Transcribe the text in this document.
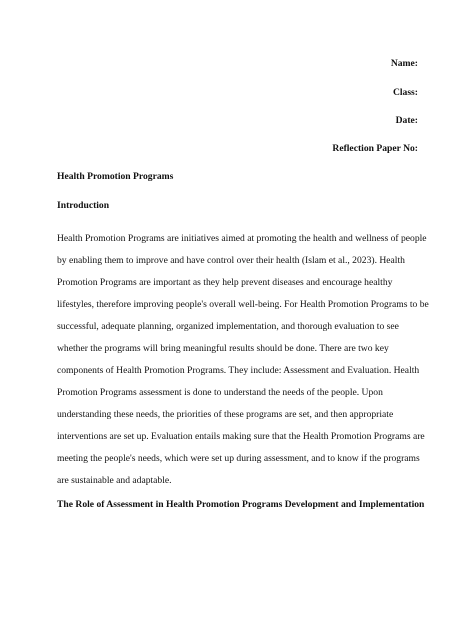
Name:
Class:
Date:
Reflection Paper No:
Health Promotion Programs
Introduction
Health Promotion Programs are initiatives aimed at promoting the health and wellness of people
by enabling them to improve and have control over their health (Islam et al., 2023). Health
Promotion Programs are important as they help prevent diseases and encourage healthy
lifestyles, therefore improving people's overall well-being. For Health Promotion Programs to be
successful, adequate planning, organized implementation, and thorough evaluation to see
whether the programs will bring meaningful results should be done. There are two key
components of Health Promotion Programs. They include: Assessment and Evaluation. Health
Promotion Programs assessment is done to understand the needs of the people. Upon
understanding these needs, the priorities of these programs are set, and then appropriate
interventions are set up. Evaluation entails making sure that the Health Promotion Programs are
meeting the people's needs, which were set up during assessment, and to know if the programs
are sustainable and adaptable.
The Role of Assessment in Health Promotion Programs Development and Implementation
